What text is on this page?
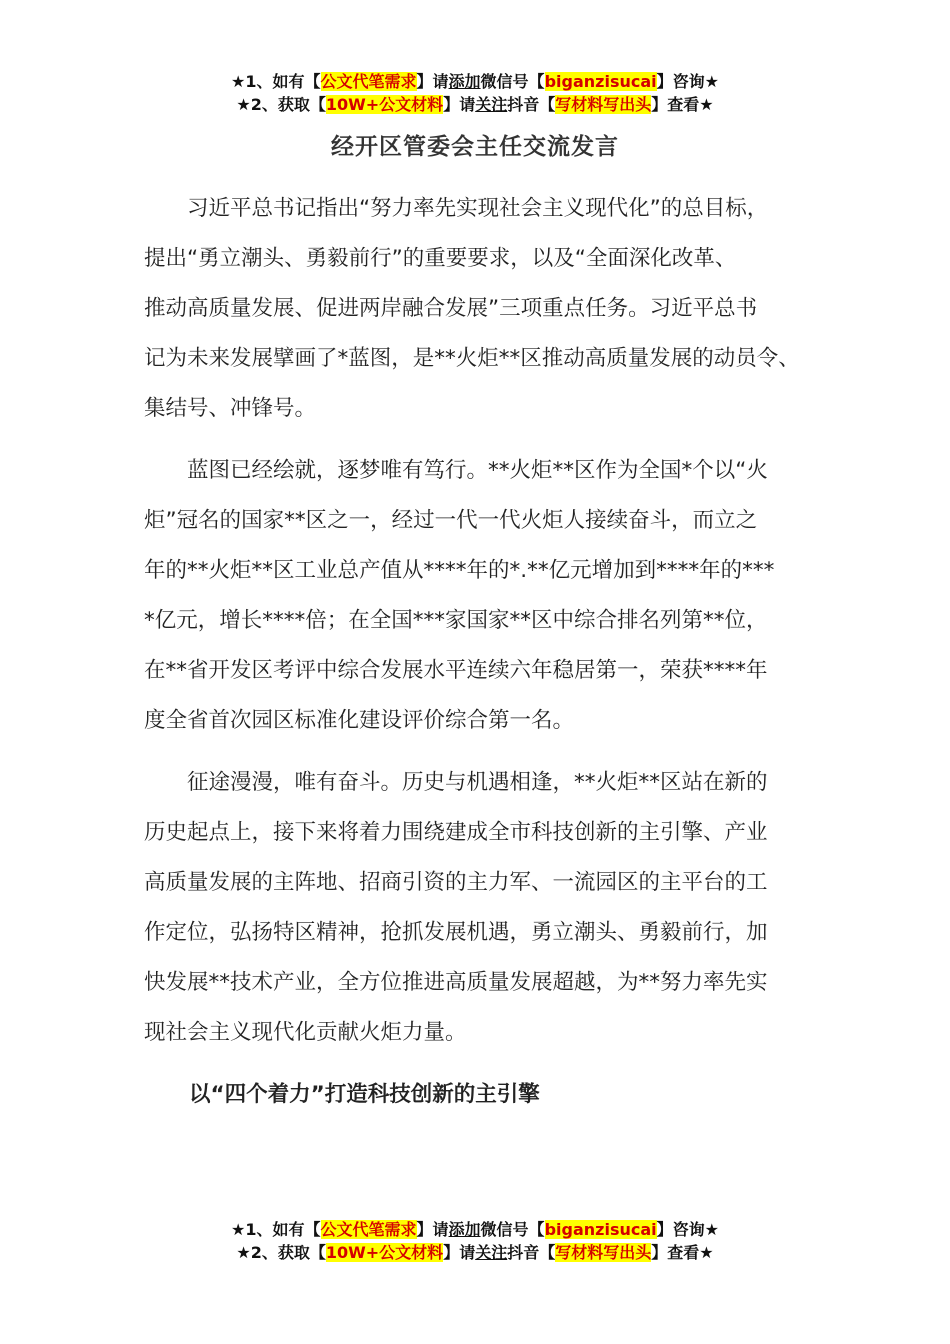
★1、如有【公文代笔需求】请添加微信号【biganzisucai】咨询★
★2、获取【10W+公文材料】请关注抖音【写材料写出头】查看★
经开区管委会主任交流发言
　　习近平总书记指出“努力率先实现社会主义现代化”的总目标，
提出“勇立潮头、勇毅前行”的重要要求，以及“全面深化改革、
推动高质量发展、促进两岸融合发展”三项重点任务。习近平总书
记为未来发展擘画了*蓝图，是**火炬**区推动高质量发展的动员令、
集结号、冲锋号。
　　蓝图已经绘就，逐梦唯有笃行。**火炬**区作为全国*个以“火
炬”冠名的国家**区之一，经过一代一代火炬人接续奋斗，而立之
年的**火炬**区工业总产值从****年的*.**亿元增加到****年的***
*亿元，增长****倍；在全国***家国家**区中综合排名列第**位，
在**省开发区考评中综合发展水平连续六年稳居第一，荣获****年
度全省首次园区标准化建设评价综合第一名。
　　征途漫漫，唯有奋斗。历史与机遇相逢，**火炬**区站在新的
历史起点上，接下来将着力围绕建成全市科技创新的主引擎、产业
高质量发展的主阵地、招商引资的主力军、一流园区的主平台的工
作定位，弘扬特区精神，抢抓发展机遇，勇立潮头、勇毅前行，加
快发展**技术产业，全方位推进高质量发展超越，为**努力率先实
现社会主义现代化贡献火炬力量。
以“四个着力”打造科技创新的主引擎
★1、如有【公文代笔需求】请添加微信号【biganzisucai】咨询★
★2、获取【10W+公文材料】请关注抖音【写材料写出头】查看★
